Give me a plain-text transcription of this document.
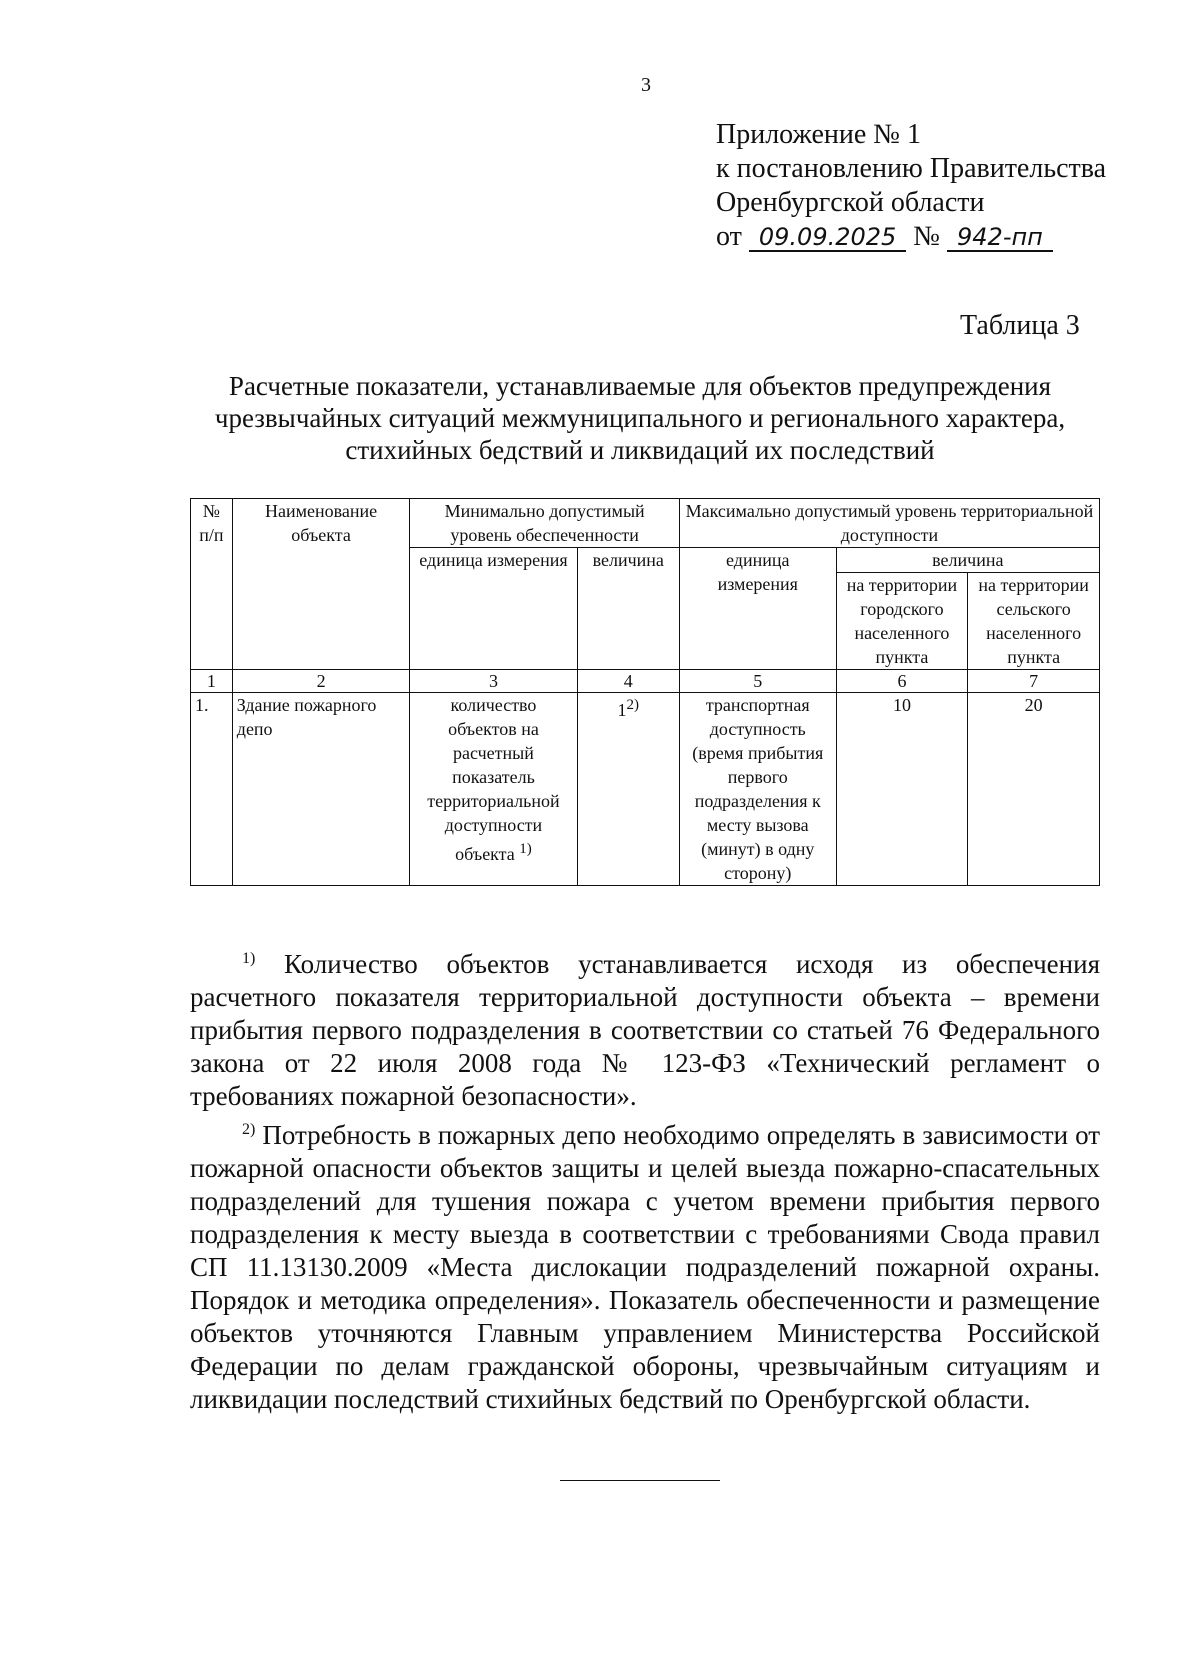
3
Приложение № 1
к постановлению Правительства
Оренбургской области
от 09.09.2025 № 942-пп
Таблица 3
Расчетные показатели, устанавливаемые для объектов предупреждения чрезвычайных ситуаций межмуниципального и регионального характера, стихийных бедствий и ликвидаций их последствий
№ п/п	Наименование объекта	Минимально допустимый уровень обеспеченности		Максимально допустимый уровень территориальной доступности		
		единица измерения	величина	единица измерения	величина	
					на территории городского населенного пункта	на территории сельского населенного пункта
1	2	3	4	5	6	7
1.	Здание пожарного депо	количество объектов на расчетный показатель территориальной доступности объекта $^{1)}$	1$^{2)}$	транспортная доступность (время прибытия первого подразделения к месту вызова (минут) в одну сторону)	10	20

$^{1)}$ Количество объектов устанавливается исходя из обеспечения расчетного показателя территориальной доступности объекта – времени прибытия первого подразделения в соответствии со статьей 76 Федерального закона от 22 июля 2008 года № 123-ФЗ «Технический регламент о требованиях пожарной безопасности».

$^{2)}$ Потребность в пожарных депо необходимо определять в зависимости от пожарной опасности объектов защиты и целей выезда пожарно-спасательных подразделений для тушения пожара с учетом времени прибытия первого подразделения к месту выезда в соответствии с требованиями Свода правил СП 11.13130.2009 «Места дислокации подразделений пожарной охраны. Порядок и методика определения». Показатель обеспеченности и размещение объектов уточняются Главным управлением Министерства Российской Федерации по делам гражданской обороны, чрезвычайным ситуациям и ликвидации последствий стихийных бедствий по Оренбургской области.
